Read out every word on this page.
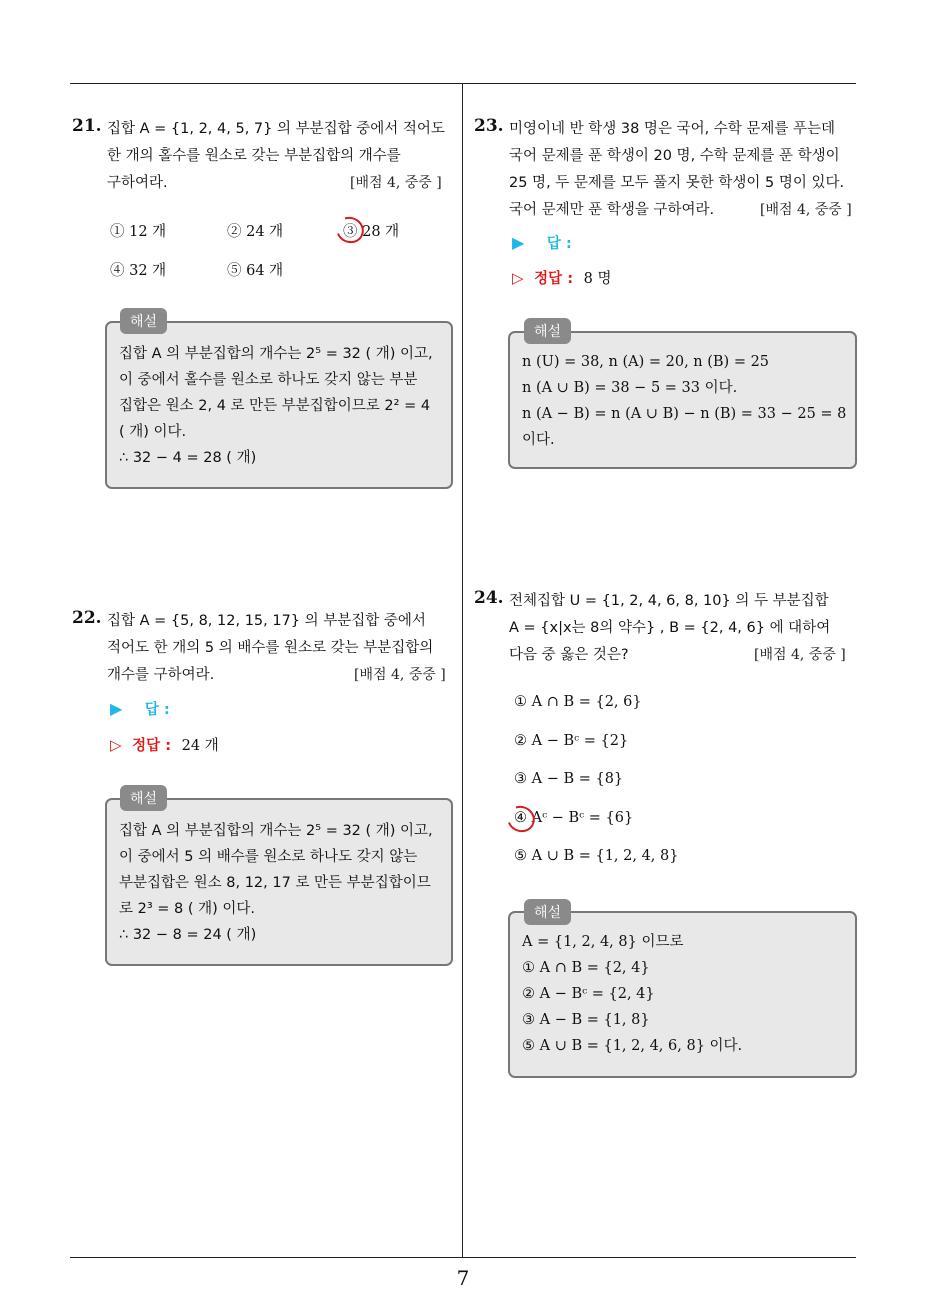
7
21. 집합 A = {1, 2, 4, 5, 7} 의 부분집합 중에서 적어도
한 개의 홀수를 원소로 갖는 부분집합의 개수를
구하여라.	[배점 4, 중중 ]
① 12 개	② 24 개	③ 28 개
④ 32 개	⑤ 64 개
집합 A 의 부분집합의 개수는 2⁵ = 32 ( 개) 이고,
이 중에서 홀수를 원소로 하나도 갖지 않는 부분
집합은 원소 2, 4 로 만든 부분집합이므로 2² = 4
( 개) 이다.
∴ 32 − 4 = 28 ( 개)
해설
22. 집합 A = {5, 8, 12, 15, 17} 의 부분집합 중에서
적어도 한 개의 5 의 배수를 원소로 갖는 부분집합의
개수를 구하여라.	[배점 4, 중중 ]
▶ 답 :
▷ 정답 : 24 개
집합 A 의 부분집합의 개수는 2⁵ = 32 ( 개) 이고,
이 중에서 5 의 배수를 원소로 하나도 갖지 않는
부분집합은 원소 8, 12, 17 로 만든 부분집합이므
로 2³ = 8 ( 개) 이다.
∴ 32 − 8 = 24 ( 개)
해설
23. 미영이네 반 학생 38 명은 국어, 수학 문제를 푸는데
국어 문제를 푼 학생이 20 명, 수학 문제를 푼 학생이
25 명, 두 문제를 모두 풀지 못한 학생이 5 명이 있다.
국어 문제만 푼 학생을 구하여라.	[배점 4, 중중 ]
▶ 답 :
▷ 정답 : 8 명
n (U) = 38, n (A) = 20, n (B) = 25
n (A ∪ B) = 38 − 5 = 33 이다.
n (A − B) = n (A ∪ B) − n (B) = 33 − 25 = 8
이다.
해설
24. 전체집합 U = {1, 2, 4, 6, 8, 10} 의 두 부분집합
A = {x|x는 8의 약수} , B = {2, 4, 6} 에 대하여
다음 중 옳은 것은?	[배점 4, 중중 ]
① A ∩ B = {2, 6}
② A − Bᶜ = {2}
③ A − B = {8}
④ Aᶜ − Bᶜ = {6}
⑤ A ∪ B = {1, 2, 4, 8}
A = {1, 2, 4, 8} 이므로
① A ∩ B = {2, 4}
② A − Bᶜ = {2, 4}
③ A − B = {1, 8}
⑤ A ∪ B = {1, 2, 4, 6, 8} 이다.
해설
